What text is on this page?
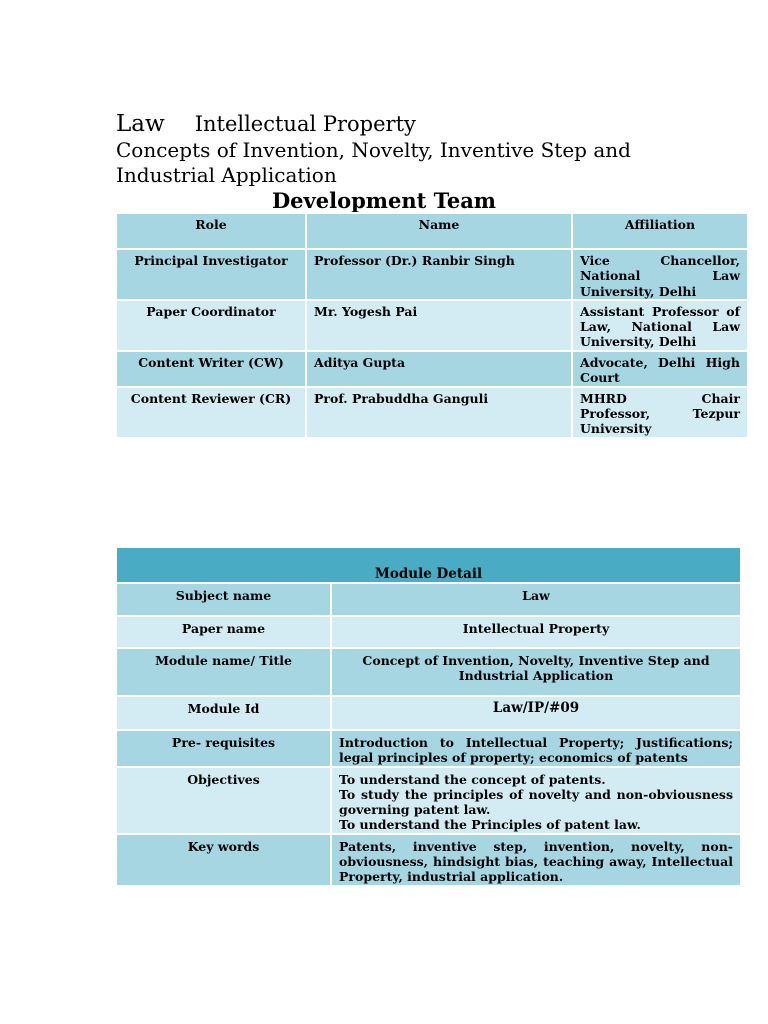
Law Intellectual Property
Concepts of Invention, Novelty, Inventive Step and
Industrial Application
Development Team
Role	Name	Affiliation
Principal Investigator	Professor (Dr.) Ranbir Singh	Vice Chancellor, National Law University, Delhi
Paper Coordinator	Mr. Yogesh Pai	Assistant Professor of Law, National Law University, Delhi
Content Writer (CW)	Aditya Gupta	Advocate, Delhi High Court
Content Reviewer (CR)	Prof. Prabuddha Ganguli	MHRD Chair Professor, Tezpur University
Module Detail	
Subject name	Law
Paper name	Intellectual Property
Module name/ Title	Concept of Invention, Novelty, Inventive Step and Industrial Application
Module Id	Law/IP/#09
Pre- requisites	Introduction to Intellectual Property; Justifications; legal principles of property; economics of patents
Objectives	To understand the concept of patents.
To study the principles of novelty and non-obviousness governing patent law.
To understand the Principles of patent law.

Key words	Patents, inventive step, invention, novelty, non-obviousness, hindsight bias, teaching away, Intellectual Property, industrial application.
